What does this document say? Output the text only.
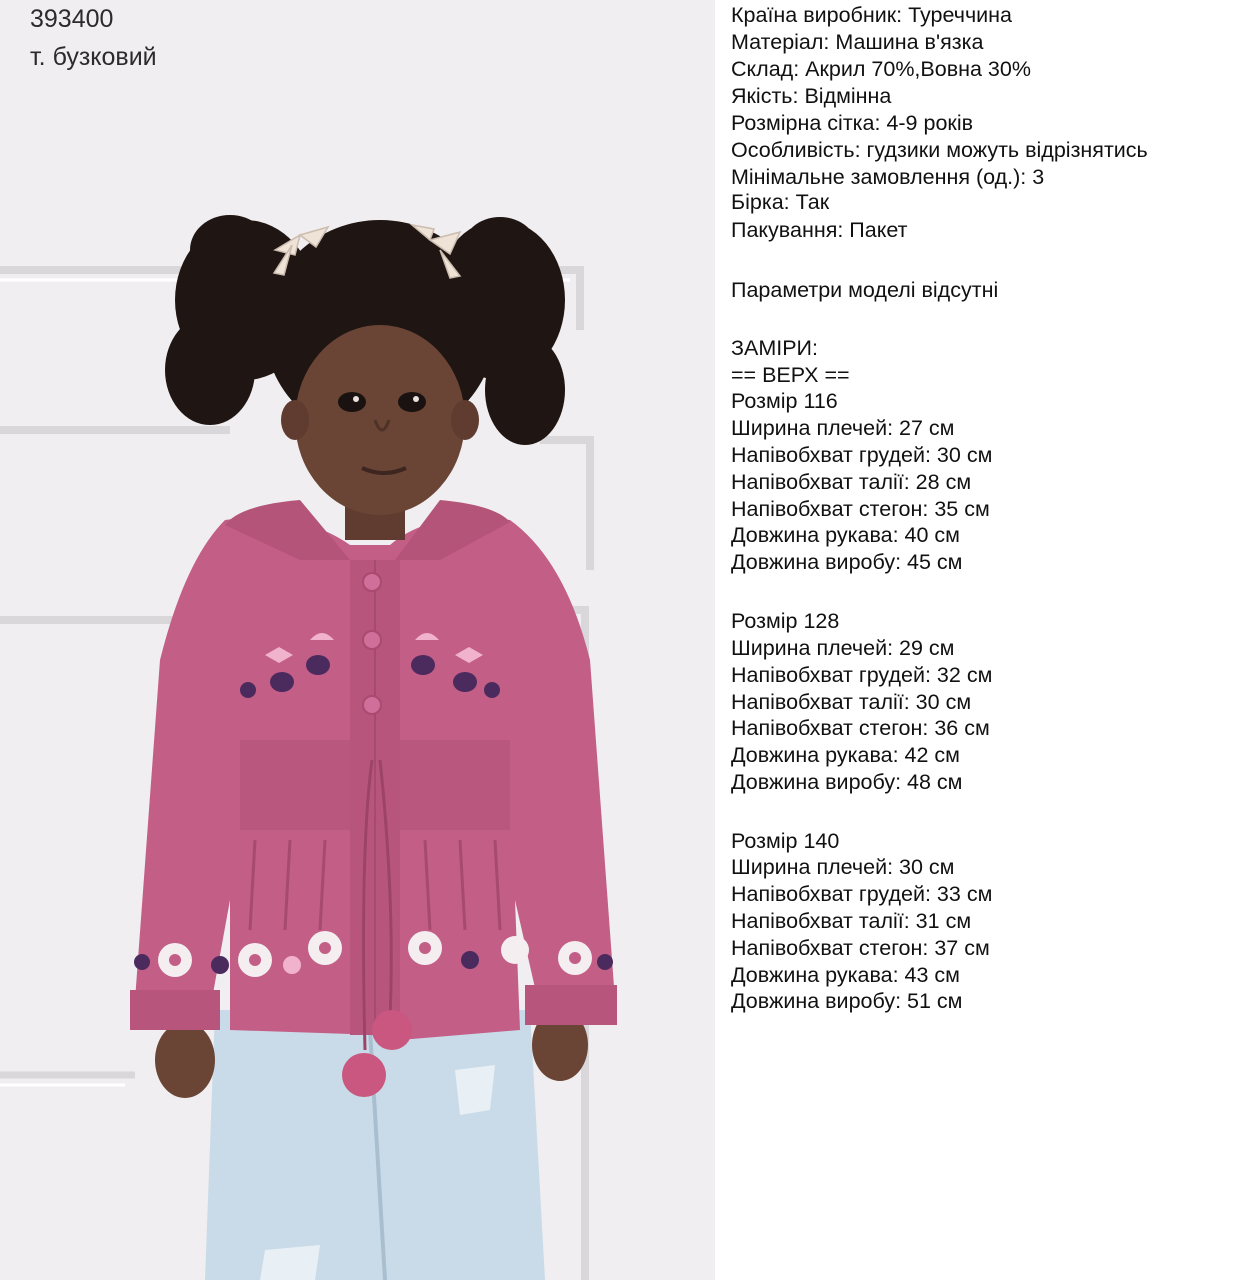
393400
т. бузковий
Країна виробник: Туреччина
Матеріал: Машина в'язка
Склад: Акрил 70%,Вовна 30%
Якість: Відмінна
Розмірна сітка: 4-9 років
Особливість: гудзики можуть відрізнятись
Мінімальне замовлення (од.): 3
Бірка: Так
Пакування: Пакет
Параметри моделі відсутні
ЗАМІРИ:
== ВЕРХ ==
Розмір 116
Ширина плечей: 27 см
Напівобхват грудей: 30 см
Напівобхват талії: 28 см
Напівобхват стегон: 35 см
Довжина рукава: 40 см
Довжина виробу: 45 см
Розмір 128
Ширина плечей: 29 см
Напівобхват грудей: 32 см
Напівобхват талії: 30 см
Напівобхват стегон: 36 см
Довжина рукава: 42 см
Довжина виробу: 48 см
Розмір 140
Ширина плечей: 30 см
Напівобхват грудей: 33 см
Напівобхват талії: 31 см
Напівобхват стегон: 37 см
Довжина рукава: 43 см
Довжина виробу: 51 см
